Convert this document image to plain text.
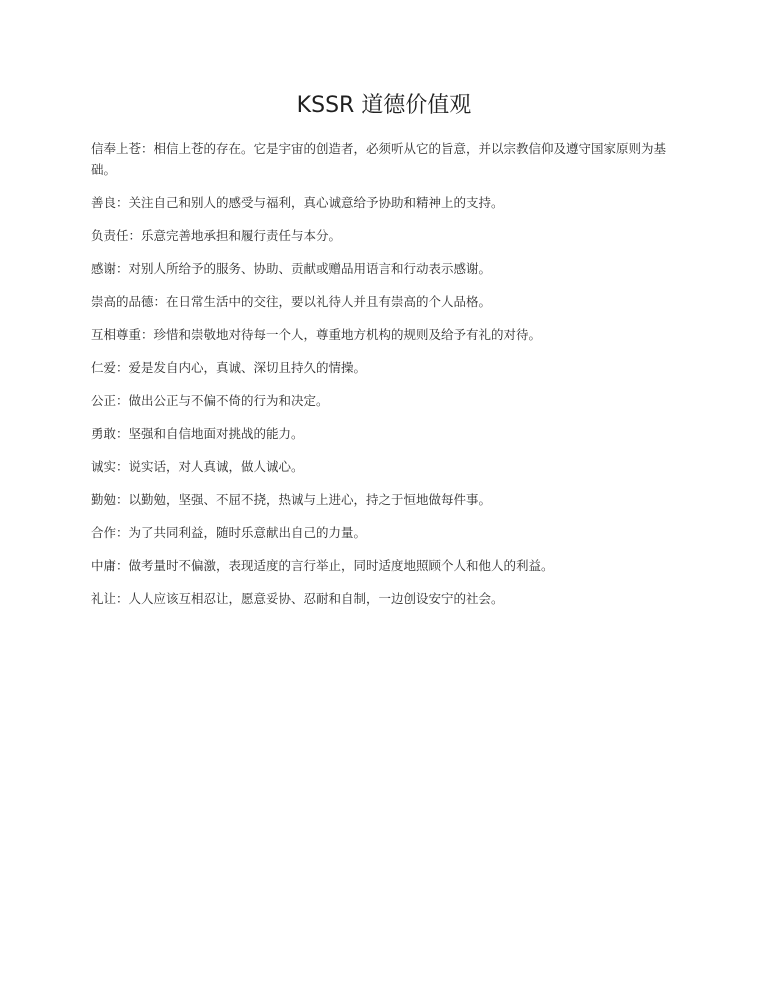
KSSR 道德价值观

信奉上苍：相信上苍的存在。它是宇宙的创造者，必须听从它的旨意，并以宗教信仰及遵守国家原则为基础。

善良：关注自己和别人的感受与福利，真心诚意给予协助和精神上的支持。

负责任：乐意完善地承担和履行责任与本分。

感谢：对别人所给予的服务、协助、贡献或赠品用语言和行动表示感谢。

崇高的品德：在日常生活中的交往，要以礼待人并且有崇高的个人品格。

互相尊重：珍惜和崇敬地对待每一个人，尊重地方机构的规则及给予有礼的对待。

仁爱：爱是发自内心，真诚、深切且持久的情操。

公正：做出公正与不偏不倚的行为和决定。

勇敢：坚强和自信地面对挑战的能力。

诚实：说实话，对人真诚，做人诚心。

勤勉：以勤勉，坚强、不屈不挠，热诚与上进心，持之于恒地做每件事。

合作：为了共同利益，随时乐意献出自己的力量。

中庸：做考量时不偏激，表现适度的言行举止，同时适度地照顾个人和他人的利益。

礼让：人人应该互相忍让，愿意妥协、忍耐和自制，一边创设安宁的社会。
